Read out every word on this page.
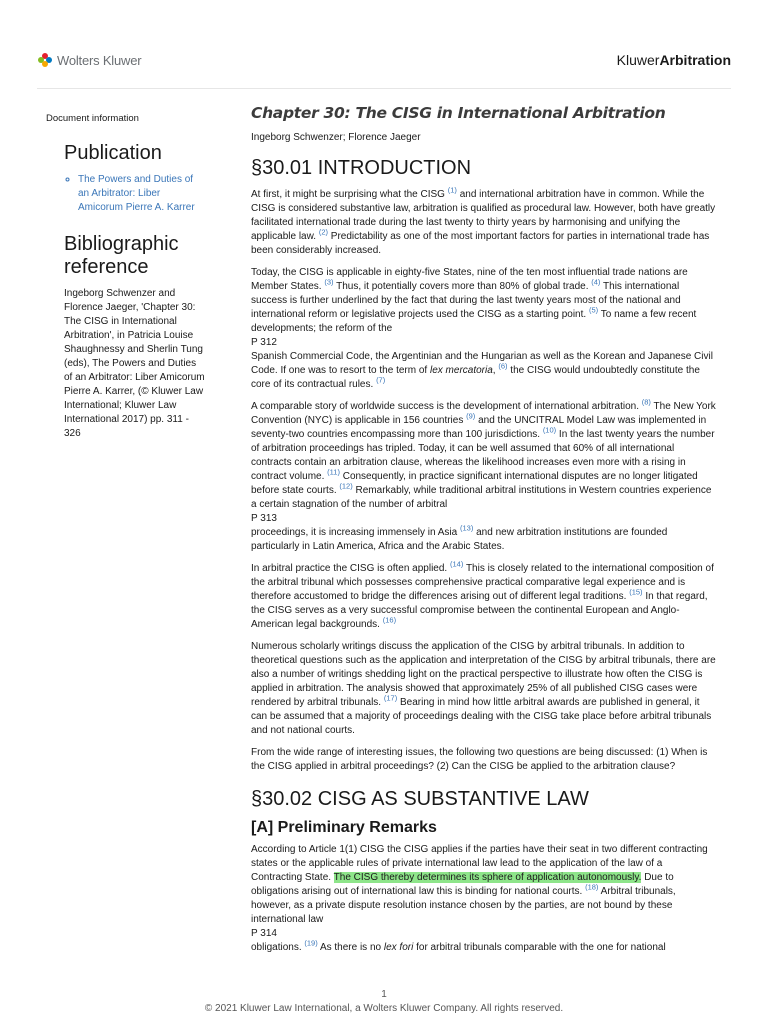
Wolters Kluwer	KluwerArbitration
Document information
Publication
◦ The Powers and Duties of an Arbitrator: Liber Amicorum Pierre A. Karrer
Bibliographic reference
Ingeborg Schwenzer and Florence Jaeger, 'Chapter 30: The CISG in International Arbitration', in Patricia Louise Shaughnessy and Sherlin Tung (eds), The Powers and Duties of an Arbitrator: Liber Amicorum Pierre A. Karrer, (© Kluwer Law International; Kluwer Law International 2017) pp. 311 - 326
Chapter 30: The CISG in International Arbitration
Ingeborg Schwenzer; Florence Jaeger
§30.01 INTRODUCTION

At first, it might be surprising what the CISG $^{(1)}$ and international arbitration have in common. While the CISG is considered substantive law, arbitration is qualified as procedural law. However, both have greatly facilitated international trade during the last twenty to thirty years by harmonising and unifying the applicable law. $^{(2)}$ Predictability as one of the most important factors for parties in international trade has been considerably increased.

Today, the CISG is applicable in eighty-five States, nine of the ten most influential trade nations are Member States. $^{(3)}$ Thus, it potentially covers more than 80% of global trade. $^{(4)}$ This international success is further underlined by the fact that during the last twenty years most of the national and international reform or legislative projects used the CISG as a starting point. $^{(5)}$ To name a few recent developments; the reform of the
P 312
Spanish Commercial Code, the Argentinian and the Hungarian as well as the Korean and Japanese Civil Code. If one was to resort to the term of lex mercatoria, $^{(6)}$ the CISG would undoubtedly constitute the core of its contractual rules. $^{(7)}$

A comparable story of worldwide success is the development of international arbitration. $^{(8)}$ The New York Convention (NYC) is applicable in 156 countries $^{(9)}$ and the UNCITRAL Model Law was implemented in seventy-two countries encompassing more than 100 jurisdictions. $^{(10)}$ In the last twenty years the number of arbitration proceedings has tripled. Today, it can be well assumed that 60% of all international contracts contain an arbitration clause, whereas the likelihood increases even more with a rising in contract volume. $^{(11)}$ Consequently, in practice significant international disputes are no longer litigated before state courts. $^{(12)}$ Remarkably, while traditional arbitral institutions in Western countries experience a certain stagnation of the number of arbitral
P 313
proceedings, it is increasing immensely in Asia $^{(13)}$ and new arbitration institutions are founded particularly in Latin America, Africa and the Arabic States.

In arbitral practice the CISG is often applied. $^{(14)}$ This is closely related to the international composition of the arbitral tribunal which possesses comprehensive practical comparative legal experience and is therefore accustomed to bridge the differences arising out of different legal traditions. $^{(15)}$ In that regard, the CISG serves as a very successful compromise between the continental European and Anglo-American legal backgrounds. $^{(16)}$

Numerous scholarly writings discuss the application of the CISG by arbitral tribunals. In addition to theoretical questions such as the application and interpretation of the CISG by arbitral tribunals, there are also a number of writings shedding light on the practical perspective to illustrate how often the CISG is applied in arbitration. The analysis showed that approximately 25% of all published CISG cases were rendered by arbitral tribunals. $^{(17)}$ Bearing in mind how little arbitral awards are published in general, it can be assumed that a majority of proceedings dealing with the CISG take place before arbitral tribunals and not national courts.

From the wide range of interesting issues, the following two questions are being discussed: (1) When is the CISG applied in arbitral proceedings? (2) Can the CISG be applied to the arbitration clause?

§30.02 CISG AS SUBSTANTIVE LAW
[A] Preliminary Remarks

According to Article 1(1) CISG the CISG applies if the parties have their seat in two different contracting states or the applicable rules of private international law lead to the application of the law of a Contracting State. The CISG thereby determines its sphere of application autonomously. Due to obligations arising out of international law this is binding for national courts. $^{(18)}$ Arbitral tribunals, however, as a private dispute resolution instance chosen by the parties, are not bound by these international law
P 314
obligations. $^{(19)}$ As there is no lex fori for arbitral tribunals comparable with the one for national

1
© 2021 Kluwer Law International, a Wolters Kluwer Company. All rights reserved.
